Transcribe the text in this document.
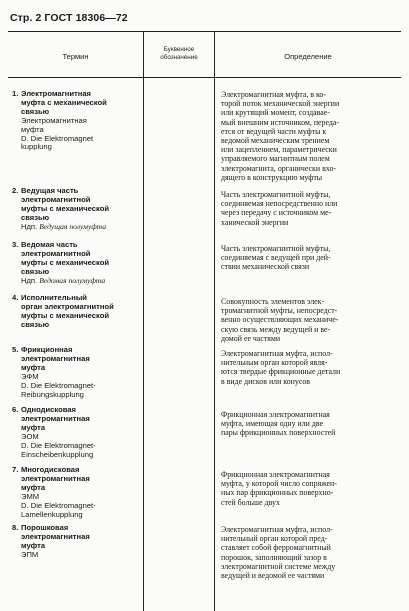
Стр. 2 ГОСТ 18306—72
Термин
Буквенное
обозначение	Определение
1. Электромагнитная
муфта с механической
связью
Электромагнитная
муфта
D. Die Elektromagnet
kupplung
2. Ведущая часть
электромагнитной
муфты с механической
связью
Ндп. Ведущая полумуфта
3. Ведомая часть
электромагнитной
муфты с механической
связью
Ндп. Ведомая полумуфта
4. Исполнительный
орган электромагнитной
муфты с механической
связью
5. Фрикционная
электромагнитная
муфта
ЭФМ
D. Die Elektromagnet-
Reibungskupplung
6. Однодисковая
электромагнитная
муфта
ЭОМ
D. Die Elektromagnet-
Einscheibenkupplung
7. Многодисковая
электромагнитная
муфта
ЭММ
D. Die Elektromagnet-
Lamellenkupplung
8. Порошковая
электромагнитная
муфта
ЭПМ
Электромагнитная муфта, в ко-
торой поток механической энергии
или крутящий момент, создавае-
мый внешним источником, переда-
ется от ведущей части муфты к
ведомой механическим трением
или зацеплением, параметрически
управляемого магнитным полем
электромагнита, органически вхо-
дящего в конструкцию муфты
Часть электромагнитной муфты,
соединяемая непосредственно или
через передачу с источником ме-
ханической энергии
Часть электромагнитной муфты,
соединяемая с ведущей при дей-
ствии механической связи
Совокупность элементов элек-
тромагнитной муфты, непосредст-
венно осуществляющих механиче-
скую связь между ведущей и ве-
домой ее частями
Электромагнитная муфта, испол-
нительным орган которой явля-
ются твердые фрикционные детали
в виде дисков или конусов
Фрикционная электромагнитная
муфта, имеющая одну или две
пары фрикционных поверхностей
Фрикционная электромагнитная
муфта, у которой число сопряжен-
ных пар фрикционных поверхно-
стей больше двух
Электромагнитная муфта, испол-
нительный орган которой пред-
ставляет собой ферромагнитный
порошок, заполняющий зазор в
электромагнитной системе между
ведущей и ведомой ее частями
